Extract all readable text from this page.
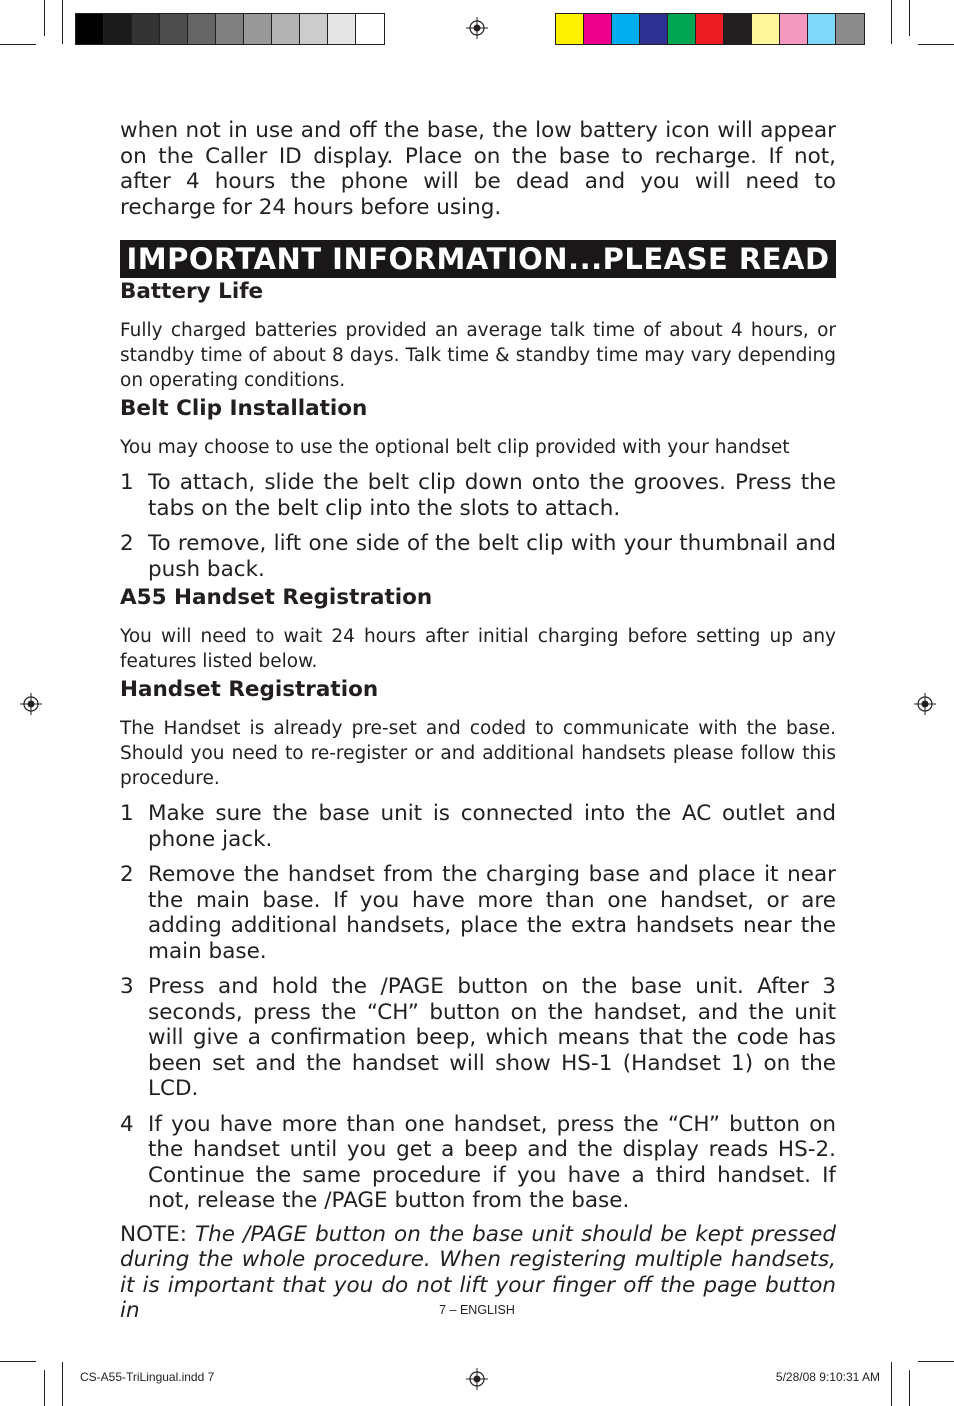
when not in use and off the base, the low battery icon will appear on the Caller ID display. Place on the base to recharge. If not, after 4 hours the phone will be dead and you will need to recharge for 24 hours before using.

IMPORTANT INFORMATION...PLEASE READ
Battery Life

Fully charged batteries provided an average talk time of about 4 hours, or standby time of about 8 days. Talk time & standby time may vary depending on operating conditions.

Belt Clip Installation

You may choose to use the optional belt clip provided with your handset

1 To attach, slide the belt clip down onto the grooves. Press the tabs on the belt clip into the slots to attach.
2 To remove, lift one side of the belt clip with your thumbnail and push back.
A55 Handset Registration

You will need to wait 24 hours after initial charging before setting up any features listed below.

Handset Registration

The Handset is already pre-set and coded to communicate with the base. Should you need to re-register or and additional handsets please follow this procedure.

1 Make sure the base unit is connected into the AC outlet and phone jack.
2 Remove the handset from the charging base and place it near the main base. If you have more than one handset, or are adding additional handsets, place the extra handsets near the main base.
3 Press and hold the /PAGE button on the base unit. After 3 seconds, press the “CH” button on the handset, and the unit will give a confirmation beep, which means that the code has been set and the handset will show HS-1 (Handset 1) on the LCD.
4 If you have more than one handset, press the “CH” button on the handset until you get a beep and the display reads HS-2. Continue the same procedure if you have a third handset. If not, release the /PAGE button from the base.

NOTE: The /PAGE button on the base unit should be kept pressed during the whole procedure. When registering multiple handsets, it is important that you do not lift your finger off the page button in	7 – ENGLISH
CS-A55-TriLingual.indd 7	5/28/08 9:10:31 AM
